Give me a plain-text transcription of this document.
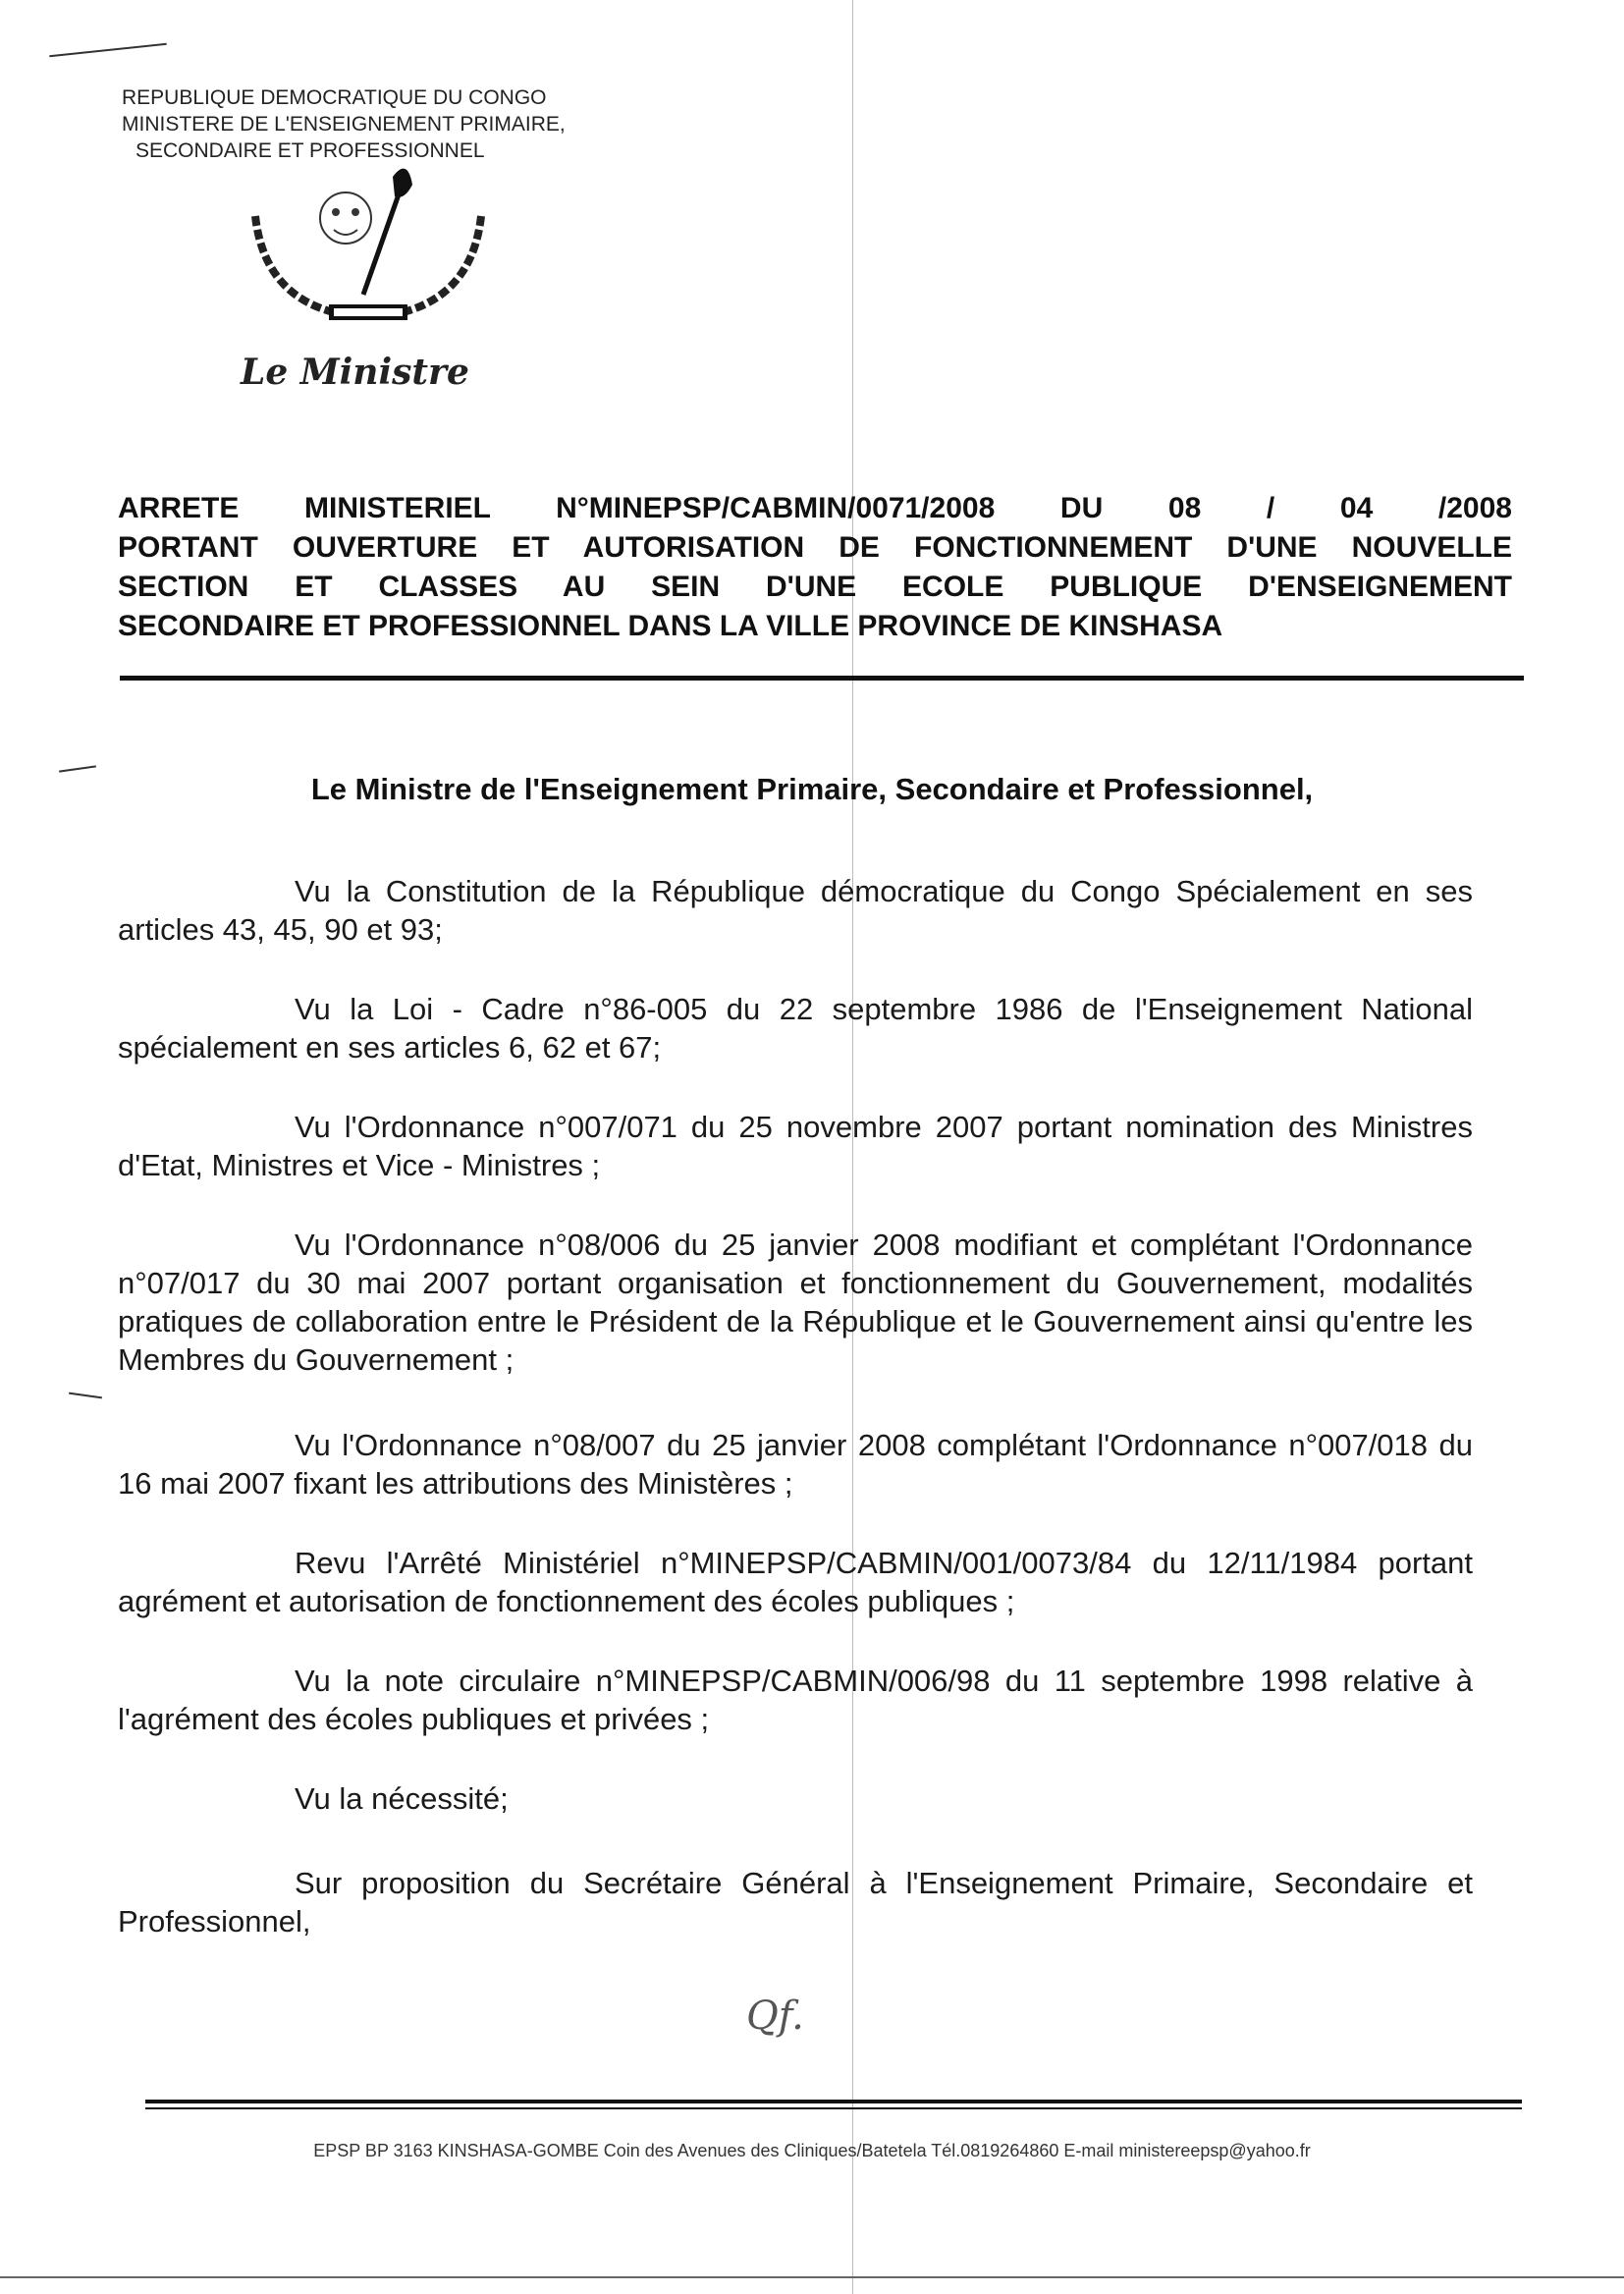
REPUBLIQUE DEMOCRATIQUE DU CONGO
MINISTERE DE L'ENSEIGNEMENT PRIMAIRE,
SECONDAIRE ET PROFESSIONNEL
Le Ministre
ARRETE MINISTERIEL N°MINEPSP/CABMIN/0071/2008 DU 08 / 04 /2008
PORTANT OUVERTURE ET AUTORISATION DE FONCTIONNEMENT D'UNE NOUVELLE
SECTION ET CLASSES AU SEIN D'UNE ECOLE PUBLIQUE D'ENSEIGNEMENT
SECONDAIRE ET PROFESSIONNEL DANS LA VILLE PROVINCE DE KINSHASA
Le Ministre de l'Enseignement Primaire, Secondaire et Professionnel,

Vu la Constitution de la République démocratique du Congo Spécialement en ses articles 43, 45, 90 et 93;

Vu la Loi - Cadre n°86-005 du 22 septembre 1986 de l'Enseignement National spécialement en ses articles 6, 62 et 67;

Vu l'Ordonnance n°007/071 du 25 novembre 2007 portant nomination des Ministres d'Etat, Ministres et Vice - Ministres ;

Vu l'Ordonnance n°08/006 du 25 janvier 2008 modifiant et complétant l'Ordonnance n°07/017 du 30 mai 2007 portant organisation et fonctionnement du Gouvernement, modalités pratiques de collaboration entre le Président de la République et le Gouvernement ainsi qu'entre les Membres du Gouvernement ;

Vu l'Ordonnance n°08/007 du 25 janvier 2008 complétant l'Ordonnance n°007/018 du 16 mai 2007 fixant les attributions des Ministères ;

Revu l'Arrêté Ministériel n°MINEPSP/CABMIN/001/0073/84 du 12/11/1984 portant agrément et autorisation de fonctionnement des écoles publiques ;

Vu la note circulaire n°MINEPSP/CABMIN/006/98 du 11 septembre 1998 relative à l'agrément des écoles publiques et privées ;

Vu la nécessité;

Sur proposition du Secrétaire Général à l'Enseignement Primaire, Secondaire et Professionnel,

Qf.
EPSP BP 3163 KINSHASA-GOMBE Coin des Avenues des Cliniques/Batetela Tél.0819264860 E-mail ministereepsp@yahoo.fr
